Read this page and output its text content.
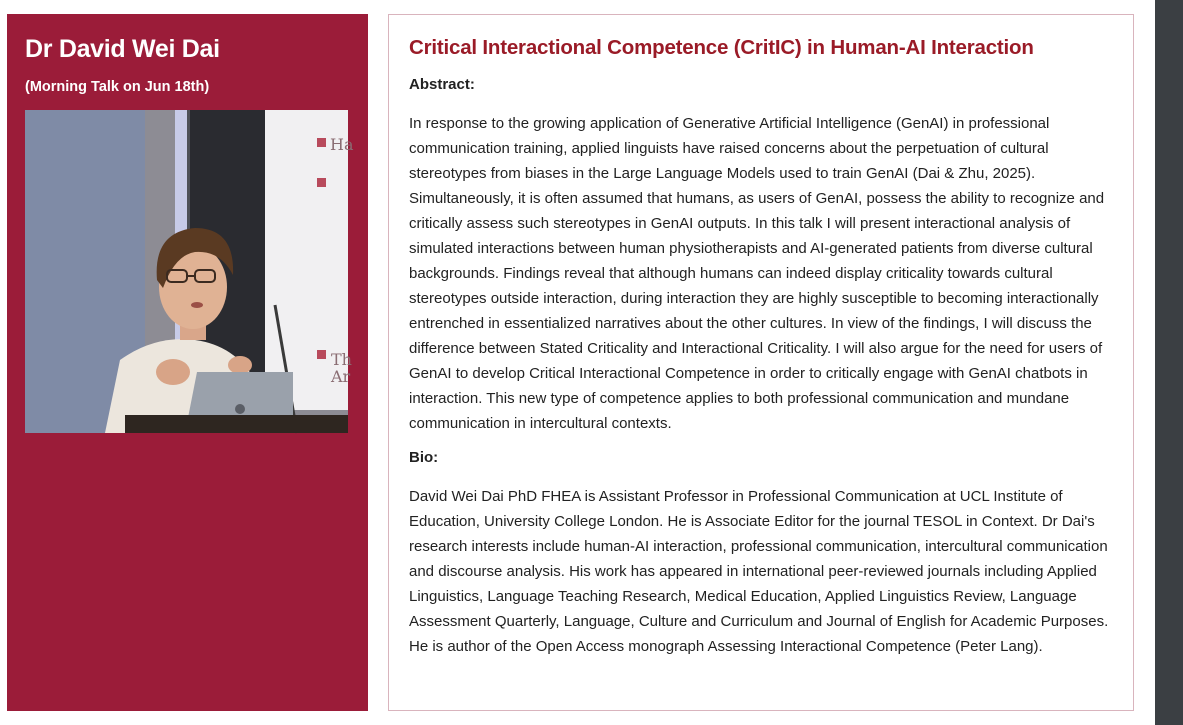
Dr David Wei Dai

(Morning Talk on Jun 18th)

Ha
Th
Ar
Critical Interactional Competence (CritIC) in Human-AI Interaction

Abstract:

In response to the growing application of Generative Artificial Intelligence (GenAI) in professional communication training, applied linguists have raised concerns about the perpetuation of cultural stereotypes from biases in the Large Language Models used to train GenAI (Dai & Zhu, 2025). Simultaneously, it is often assumed that humans, as users of GenAI, possess the ability to recognize and critically assess such stereotypes in GenAI outputs. In this talk I will present interactional analysis of simulated interactions between human physiotherapists and AI-generated patients from diverse cultural backgrounds. Findings reveal that although humans can indeed display criticality towards cultural stereotypes outside interaction, during interaction they are highly susceptible to becoming interactionally entrenched in essentialized narratives about the other cultures. In view of the findings, I will discuss the difference between Stated Criticality and Interactional Criticality. I will also argue for the need for users of GenAI to develop Critical Interactional Competence in order to critically engage with GenAI chatbots in interaction. This new type of competence applies to both professional communication and mundane communication in intercultural contexts.

Bio:

David Wei Dai PhD FHEA is Assistant Professor in Professional Communication at UCL Institute of Education, University College London. He is Associate Editor for the journal TESOL in Context. Dr Dai's research interests include human-AI interaction, professional communication, intercultural communication and discourse analysis. His work has appeared in international peer-reviewed journals including Applied Linguistics, Language Teaching Research, Medical Education, Applied Linguistics Review, Language Assessment Quarterly, Language, Culture and Curriculum and Journal of English for Academic Purposes. He is author of the Open Access monograph Assessing Interactional Competence (Peter Lang).
